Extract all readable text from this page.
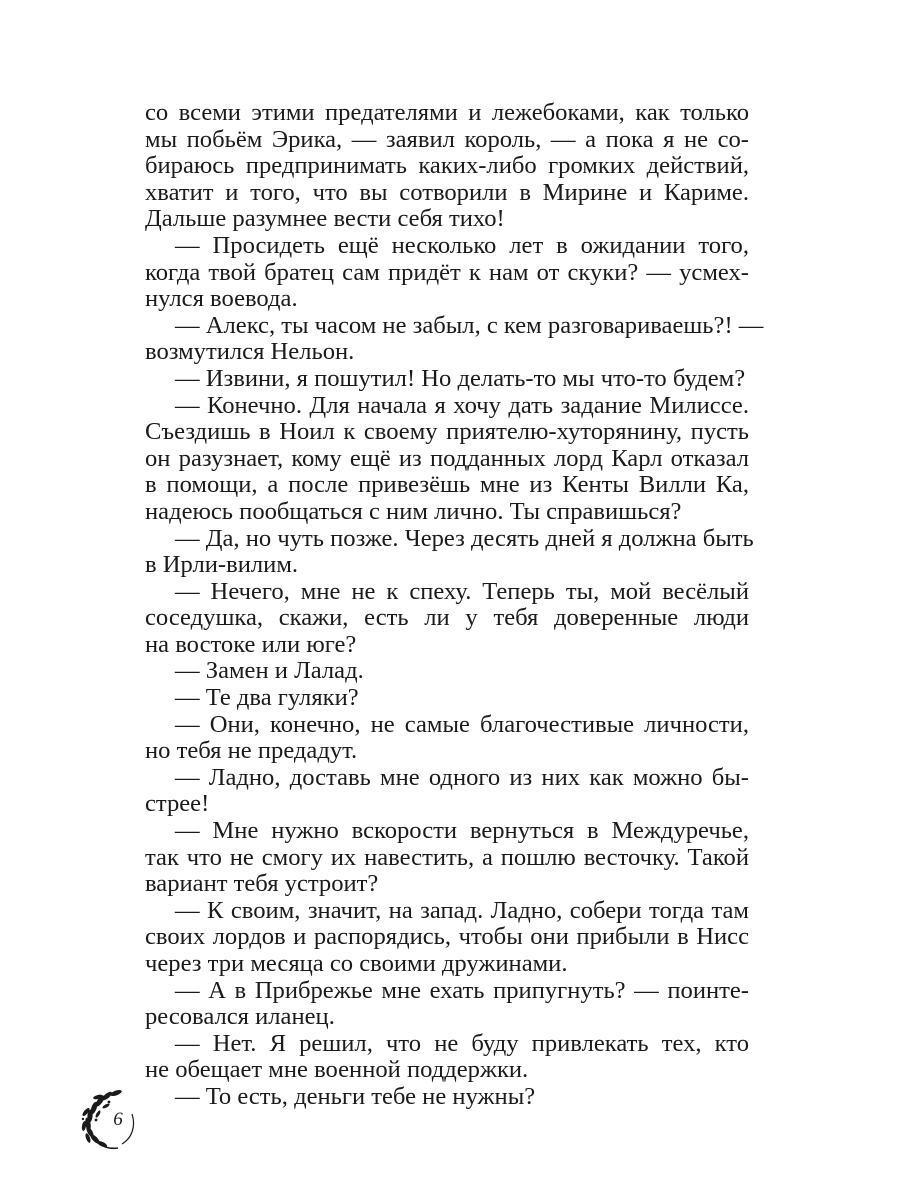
со всеми этими предателями и лежебоками, как только
мы побьём Эрика, — заявил король, — а пока я не со-
бираюсь предпринимать каких-либо громких действий,
хватит и того, что вы сотворили в Мирине и Кариме.
Дальше разумнее вести себя тихо!
— Просидеть ещё несколько лет в ожидании того,
когда твой братец сам придёт к нам от скуки? — усмех-
нулся воевода.
— Алекс, ты часом не забыл, с кем разговариваешь?! —
возмутился Нельон.
— Извини, я пошутил! Но делать-то мы что-то будем?
— Конечно. Для начала я хочу дать задание Милиссе.
Съездишь в Ноил к своему приятелю-хуторянину, пусть
он разузнает, кому ещё из подданных лорд Карл отказал
в помощи, а после привезёшь мне из Кенты Вилли Ка,
надеюсь пообщаться с ним лично. Ты справишься?
— Да, но чуть позже. Через десять дней я должна быть
в Ирли-вилим.
— Нечего, мне не к спеху. Теперь ты, мой весёлый
соседушка, скажи, есть ли у тебя доверенные люди
на востоке или юге?
— Замен и Лалад.
— Те два гуляки?
— Они, конечно, не самые благочестивые личности,
но тебя не предадут.
— Ладно, доставь мне одного из них как можно бы-
стрее!
— Мне нужно вскорости вернуться в Междуречье,
так что не смогу их навестить, а пошлю весточку. Такой
вариант тебя устроит?
— К своим, значит, на запад. Ладно, собери тогда там
своих лордов и распорядись, чтобы они прибыли в Нисс
через три месяца со своими дружинами.
— А в Прибрежье мне ехать припугнуть? — поинте-
ресовался иланец.
— Нет. Я решил, что не буду привлекать тех, кто
не обещает мне военной поддержки.
— То есть, деньги тебе не нужны?
6
